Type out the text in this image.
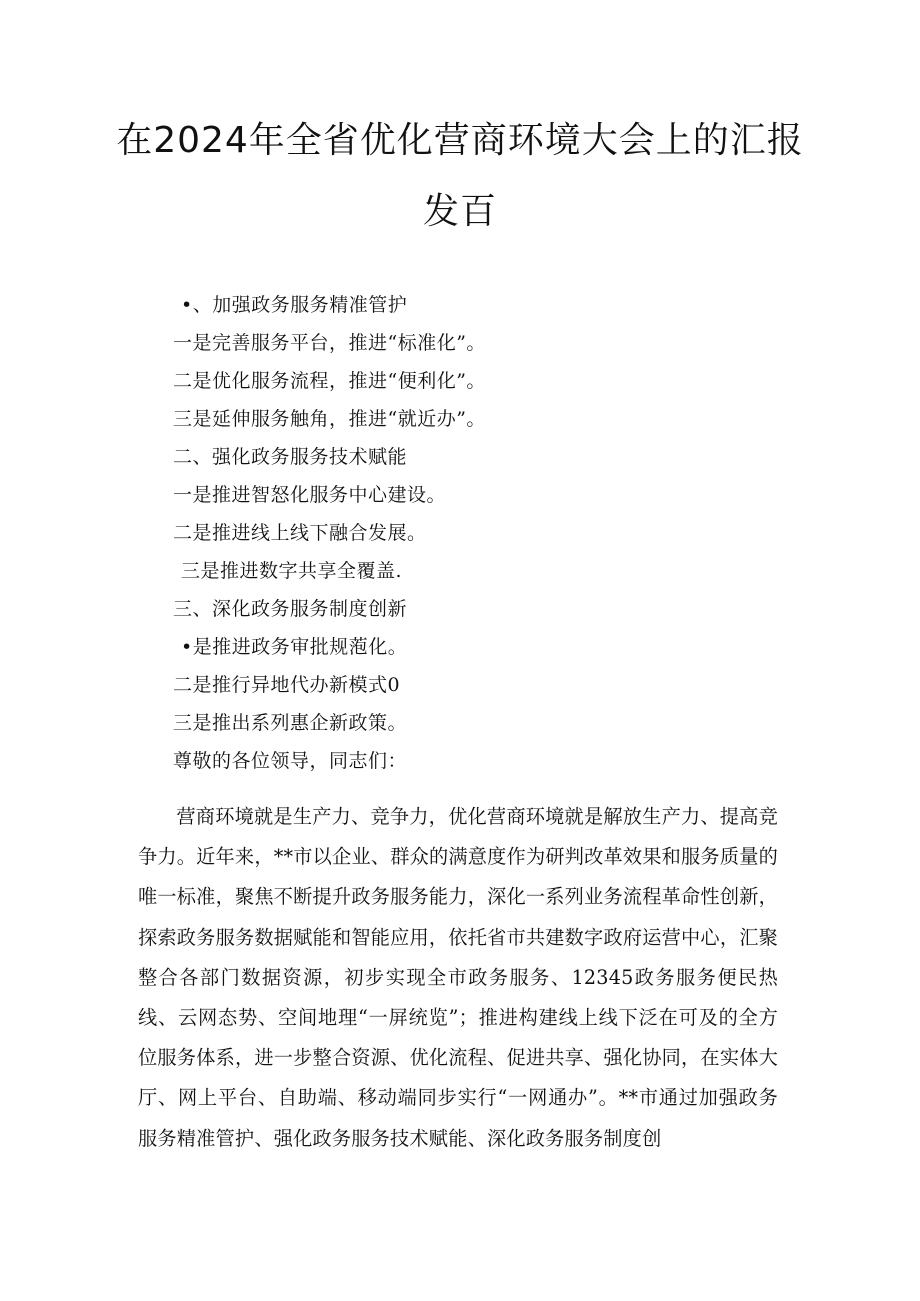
在2024年全省优化营商环境大会上的汇报
发百
•、加强政务服务精准管护
一是完善服务平台，推进“标准化”。
二是优化服务流程，推进“便利化”。
三是延伸服务触角，推进“就近办”。
二、强化政务服务技术赋能
一是推进智怒化服务中心建设。
二是推进线上线下融合发展。
三是推进数字共享全覆盖.
三、深化政务服务制度创新
•是推进政务审批规萢化。
二是推行异地代办新模式0
三是推出系列惠企新政策。
尊敬的各位领导，同志们：

营商环境就是生产力、竞争力，优化营商环境就是解放生产力、提高竞争力。近年来，**市以企业、群众的满意度作为研判改革效果和服务质量的唯一标准，聚焦不断提升政务服务能力，深化一系列业务流程革命性创新，探索政务服务数据赋能和智能应用，依托省市共建数字政府运营中心，汇聚整合各部门数据资源，初步实现全市政务服务、12345政务服务便民热线、云网态势、空间地理“一屏统览”；推进构建线上线下泛在可及的全方位服务体系，进一步整合资源、优化流程、促进共享、强化协同，在实体大厅、网上平台、自助端、移动端同步实行“一网通办”。**市通过加强政务服务精准管护、强化政务服务技术赋能、深化政务服务制度创
